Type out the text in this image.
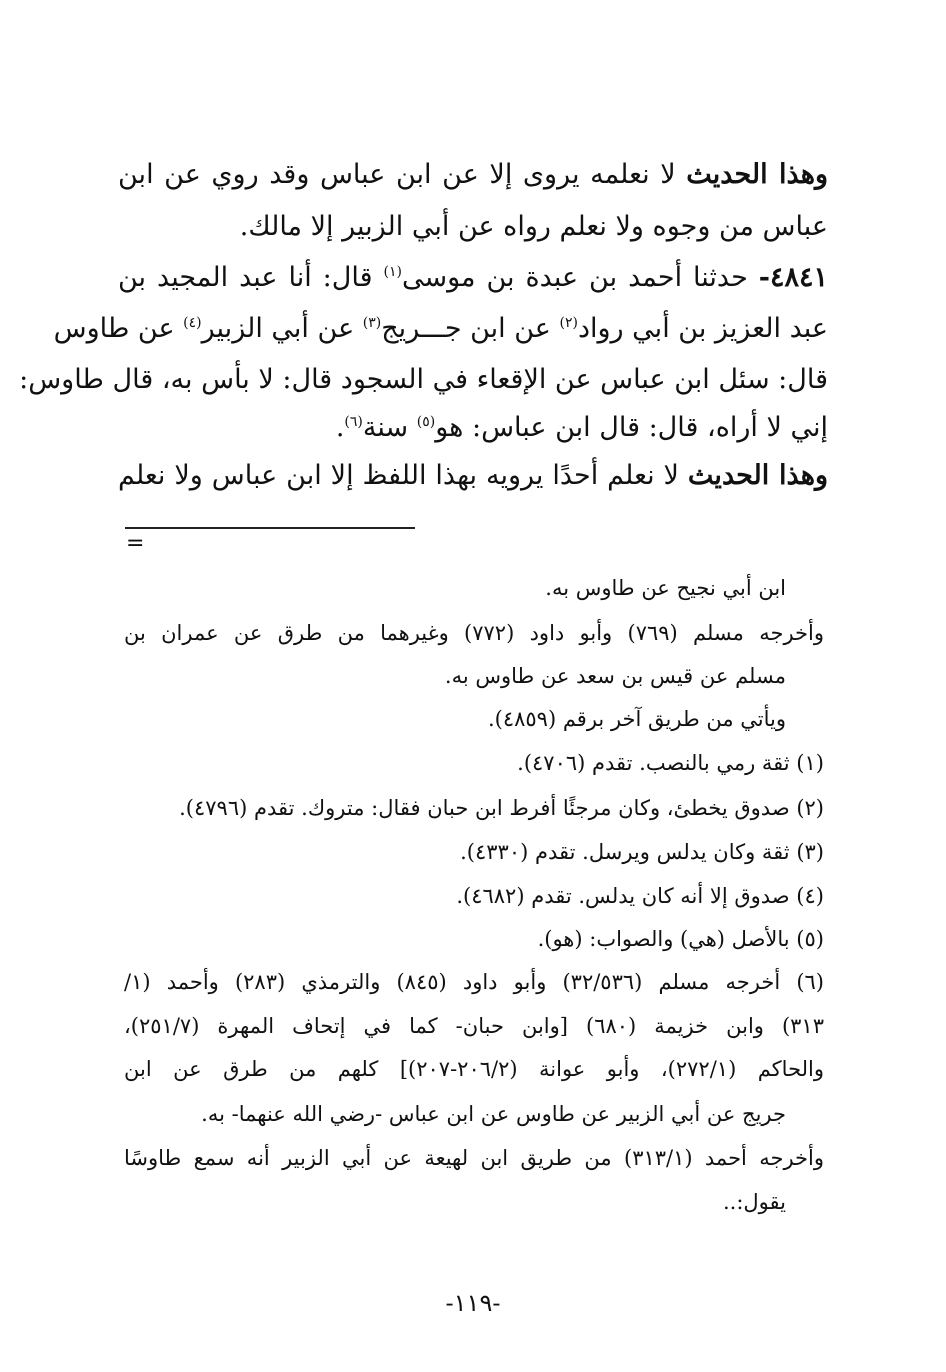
وهذا الحديث لا نعلمه يروى إلا عن ابن عباس وقد روي عن ابن
عباس من وجوه ولا نعلم رواه عن أبي الزبير إلا مالك.
٤٨٤١- حدثنا أحمد بن عبدة بن موسى$^{(١)}$ قال: أنا عبد المجيد بن
عبد العزيز بن أبي رواد$^{(٢)}$ عن ابن جـــريج$^{(٣)}$ عن أبي الزبير$^{(٤)}$ عن طاوس
قال: سئل ابن عباس عن الإقعاء في السجود قال: لا بأس به، قال طاوس:
إني لا أراه، قال: قال ابن عباس: هو$^{(٥)}$ سنة$^{(٦)}$.
وهذا الحديث لا نعلم أحدًا يرويه بهذا اللفظ إلا ابن عباس ولا نعلم
=
ابن أبي نجيح عن طاوس به.
وأخرجه مسلم (٧٦٩) وأبو داود (٧٧٢) وغيرهما من طرق عن عمران بن
مسلم عن قيس بن سعد عن طاوس به.
ويأتي من طريق آخر برقم (٤٨٥٩).
(١) ثقة رمي بالنصب. تقدم (٤٧٠٦).
(٢) صدوق يخطئ، وكان مرجئًا أفرط ابن حبان فقال: متروك. تقدم (٤٧٩٦).
(٣) ثقة وكان يدلس ويرسل. تقدم (٤٣٣٠).
(٤) صدوق إلا أنه كان يدلس. تقدم (٤٦٨٢).
(٥) بالأصل (هي) والصواب: (هو).
(٦) أخرجه مسلم (٣٢/٥٣٦) وأبو داود (٨٤٥) والترمذي (٢٨٣) وأحمد (١/
٣١٣) وابن خزيمة (٦٨٠) [وابن حبان- كما في إتحاف المهرة (٢٥١/٧)،
والحاكم (٢٧٢/١)، وأبو عوانة (٢٠٦/٢-٢٠٧)] كلهم من طرق عن ابن
جريج عن أبي الزبير عن طاوس عن ابن عباس -رضي الله عنهما- به.
وأخرجه أحمد (٣١٣/١) من طريق ابن لهيعة عن أبي الزبير أنه سمع طاوسًا
يقول:..
-١١٩-
